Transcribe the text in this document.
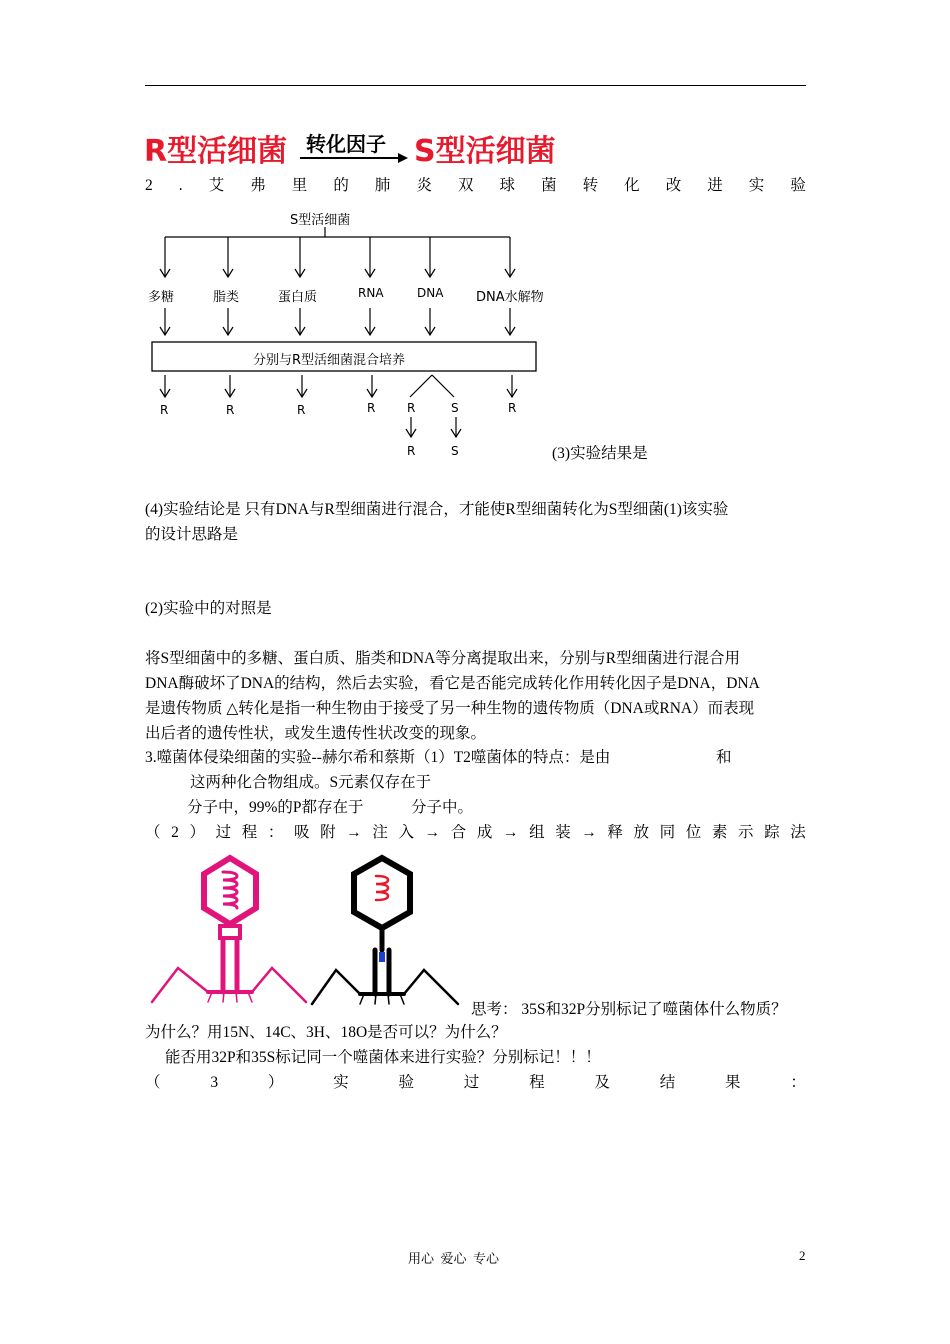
R型活细菌 转化因子 S型活细菌
2 . 艾 弗 里 的 肺 炎 双 球 菌 转 化 改 进 实 验
S型活细菌
多糖	脂类	蛋白质	RNA	DNA	DNA水解物
分别与R型活细菌混合培养
R	R	R	R	R	S	R
R	S	(3)实验结果是
(4)实验结论是 只有DNA与R型细菌进行混合，才能使R型细菌转化为S型细菌(1)该实验
的设计思路是
(2)实验中的对照是
将S型细菌中的多糖、蛋白质、脂类和DNA等分离提取出来，分别与R型细菌进行混合用
DNA酶破坏了DNA的结构，然后去实验，看它是否能完成转化作用转化因子是DNA，DNA
是遗传物质 △转化是指一种生物由于接受了另一种生物的遗传物质（DNA或RNA）而表现
出后者的遗传性状，或发生遗传性状改变的现象。
3.噬菌体侵染细菌的实验--赫尔希和蔡斯（1）T2噬菌体的特点：是由	和
这两种化合物组成。S元素仅存在于
分子中，99%的P都存在于	分子中。
（ 2 ） 过 程 ： 吸 附 → 注 入 → 合 成 → 组 装 → 释 放 同 位 素 示 踪 法
思考： 35S和32P分别标记了噬菌体什么物质？
为什么？用15N、14C、3H、18O是否可以？为什么？
能否用32P和35S标记同一个噬菌体来进行实验？分别标记！！！
（	3	）	实	验	过	程	及	结	果	：
用心  爱心  专心	2
